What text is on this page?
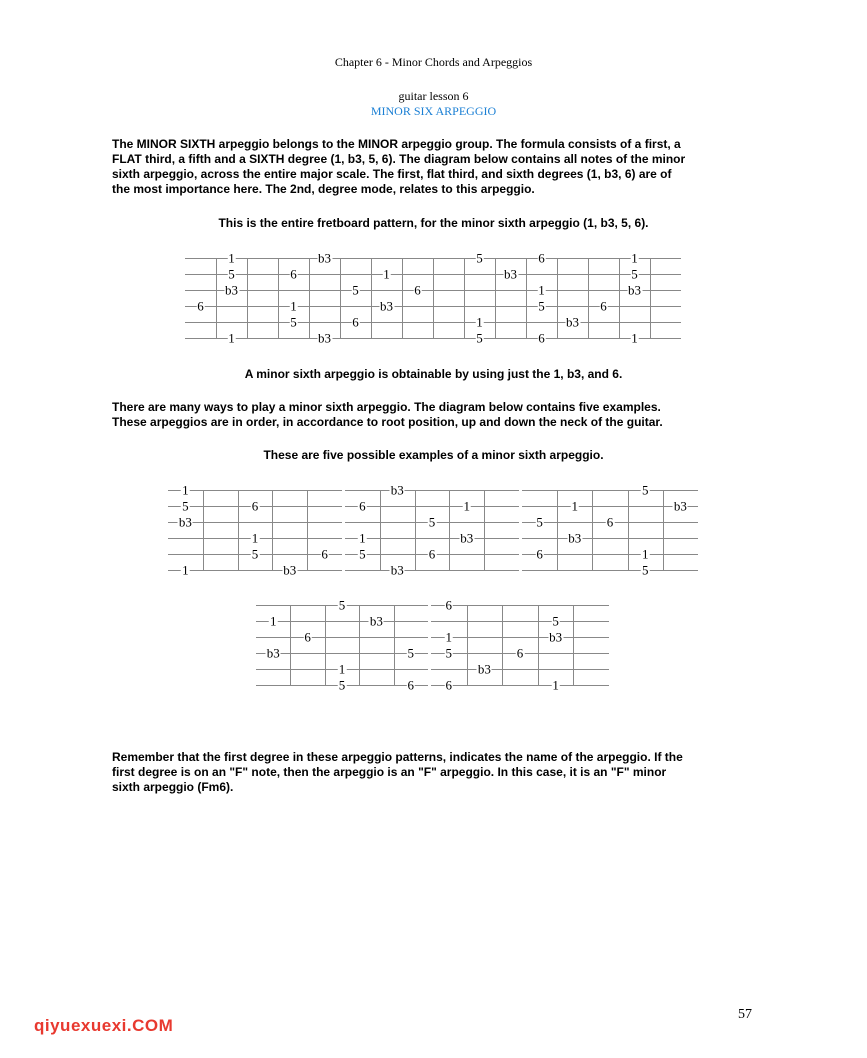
Chapter 6 - Minor Chords and Arpeggios
guitar lesson 6
MINOR SIX ARPEGGIO
The MINOR SIXTH arpeggio belongs to the MINOR arpeggio group. The formula consists of a first, a
FLAT third, a fifth and a SIXTH degree (1, b3, 5, 6). The diagram below contains all notes of the minor
sixth arpeggio, across the entire major scale. The first, flat third, and sixth degrees (1, b3, 6) are of
the most importance here. The 2nd, degree mode, relates to this arpeggio.
This is the entire fretboard pattern, for the minor sixth arpeggio (1, b3, 5, 6).
1	b3	5	6	1
5	6	1	b3	5
b3	5	6	1	b3
6	1	b3	5	6
5	6	1	b3
1	b3	5	6	1
A minor sixth arpeggio is obtainable by using just the 1, b3, and 6.
There are many ways to play a minor sixth arpeggio. The diagram below contains five examples.
These arpeggios are in order, in accordance to root position, up and down the neck of the guitar.
These are five possible examples of a minor sixth arpeggio.
1
5	6
b3
1
5	6
1	b3
b3
6	1
5
1	b3
5	6
b3
5
1	b3
5	6
b3
6	1
5
5
1	b3
6
b3	5
1
5	6
6
5
1	b3
5	6
b3
6	1
Remember that the first degree in these arpeggio patterns, indicates the name of the arpeggio. If the
first degree is on an "F" note, then the arpeggio is an "F" arpeggio. In this case, it is an "F" minor
sixth arpeggio (Fm6).
57
qiyuexuexi.COM
